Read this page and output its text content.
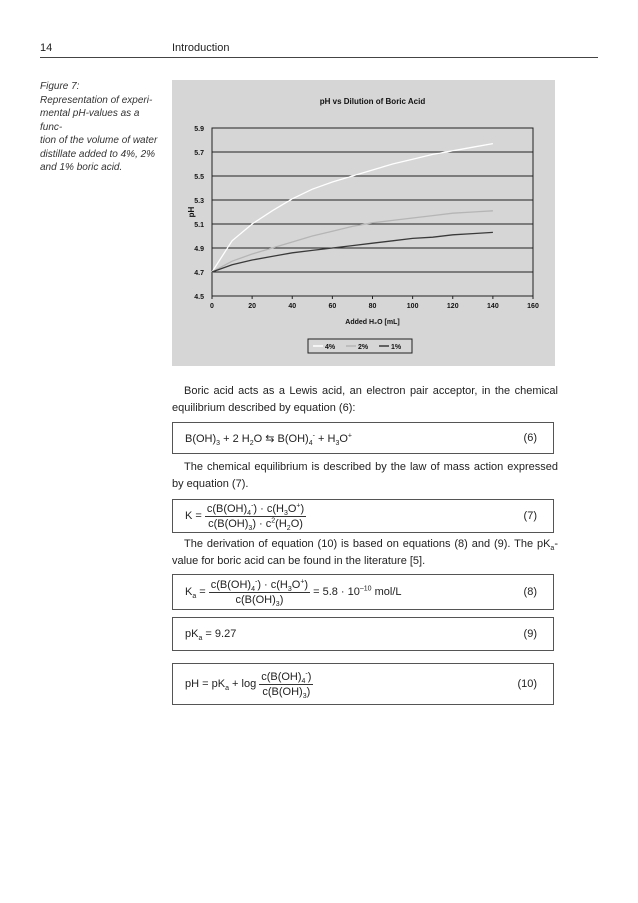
14	Introduction
Figure 7:
Representation of experi-
mental pH-values as a func-
tion of the volume of water
distillate added to 4%, 2%
and 1% boric acid.
pH vs Dilution of Boric Acid
4.5
4.7
4.9
5.1
5.3
5.5
5.7
5.9
0	20	40	60	80	100	120	140	160
Added H₂O [mL]
pH
4%	2%	1%
Boric acid acts as a Lewis acid, an electron pair acceptor, in the chemical equilibrium described by equation (6):
$B(OH)_3 + 2$ $H_2O$ ⇆ $B(OH)_4^- + H_3O^+$	(6)
The chemical equilibrium is described by the law of mass action expressed by equation (7).
$K = \frac{c(B(OH)_4^-) \cdot c(H_3O^+)}{c(B(OH)_3) \cdot c^2(H_2O)}$	(7)
The derivation of equation (10) is based on equations (8) and (9). The $pK_a$-value for boric acid can be found in the literature [5].
$K_a = \frac{c(B(OH)_4^-) \cdot c(H_3O^+)}{c(B(OH)_3)} = 5.8 \cdot 10^{-10}$ mol/L	(8)
$pK_a = 9.27$	(9)
pH = $pK_a + \log \frac{c(B(OH)_4^-)}{c(B(OH)_3)}$	(10)
